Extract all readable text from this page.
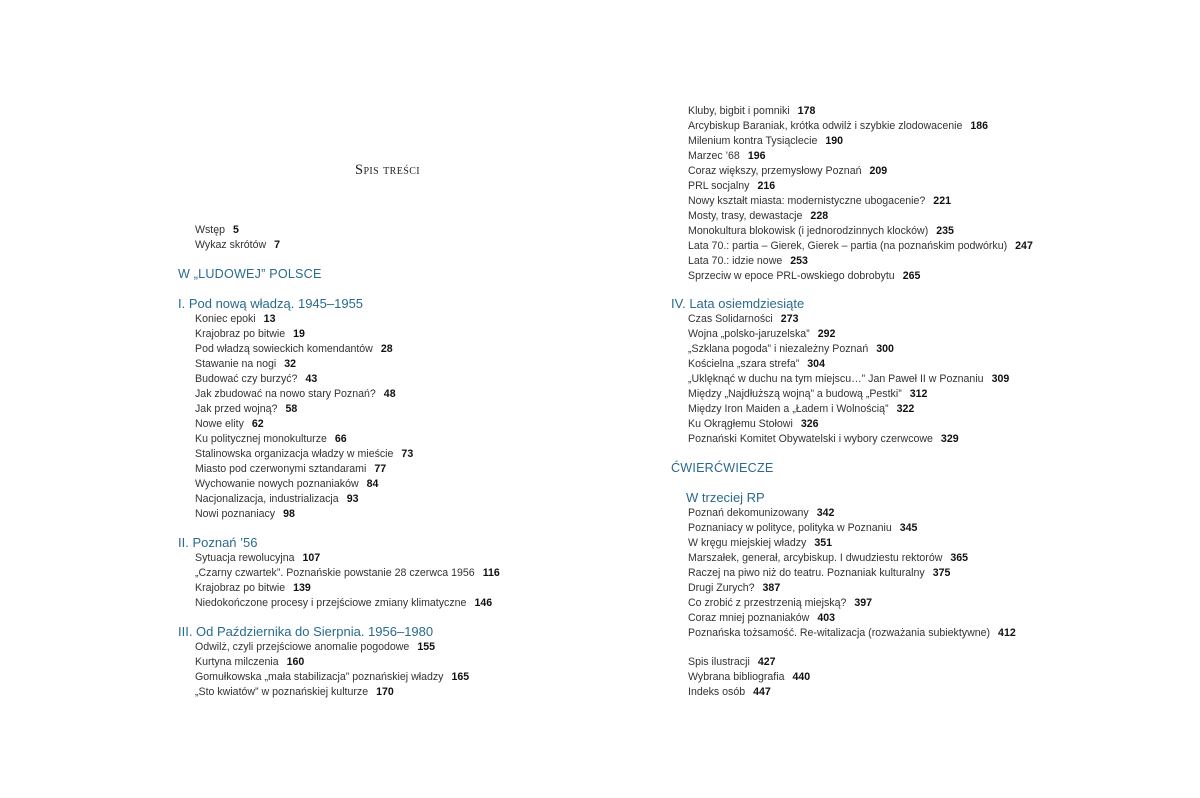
Spis treści
Wstęp 5
Wykaz skrótów 7
W „LUDOWEJ” POLSCE
I. Pod nową władzą. 1945–1955
Koniec epoki 13
Krajobraz po bitwie 19
Pod władzą sowieckich komendantów 28
Stawanie na nogi 32
Budować czy burzyć? 43
Jak zbudować na nowo stary Poznań? 48
Jak przed wojną? 58
Nowe elity 62
Ku politycznej monokulturze 66
Stalinowska organizacja władzy w mieście 73
Miasto pod czerwonymi sztandarami 77
Wychowanie nowych poznaniaków 84
Nacjonalizacja, industrializacja 93
Nowi poznaniacy 98
II. Poznań ’56
Sytuacja rewolucyjna 107
„Czarny czwartek”. Poznańskie powstanie 28 czerwca 1956 116
Krajobraz po bitwie 139
Niedokończone procesy i przejściowe zmiany klimatyczne 146
III. Od Października do Sierpnia. 1956–1980
Odwilż, czyli przejściowe anomalie pogodowe 155
Kurtyna milczenia 160
Gomułkowska „mała stabilizacja” poznańskiej władzy 165
„Sto kwiatów” w poznańskiej kulturze 170
Kluby, bigbit i pomniki 178
Arcybiskup Baraniak, krótka odwilż i szybkie zlodowacenie 186
Milenium kontra Tysiąclecie 190
Marzec ’68 196
Coraz większy, przemysłowy Poznań 209
PRL socjalny 216
Nowy kształt miasta: modernistyczne ubogacenie? 221
Mosty, trasy, dewastacje 228
Monokultura blokowisk (i jednorodzinnych klocków) 235
Lata 70.: partia – Gierek, Gierek – partia (na poznańskim podwórku) 247
Lata 70.: idzie nowe 253
Sprzeciw w epoce PRL-owskiego dobrobytu 265
IV. Lata osiemdziesiąte
Czas Solidarności 273
Wojna „polsko-jaruzelska” 292
„Szklana pogoda” i niezależny Poznań 300
Kościelna „szara strefa” 304
„Uklęknąć w duchu na tym miejscu…” Jan Paweł II w Poznaniu 309
Między „Najdłuższą wojną” a budową „Pestki” 312
Między Iron Maiden a „Ładem i Wolnością” 322
Ku Okrągłemu Stołowi 326
Poznański Komitet Obywatelski i wybory czerwcowe 329
ĆWIERĆWIECZE
W trzeciej RP
Poznań dekomunizowany 342
Poznaniacy w polityce, polityka w Poznaniu 345
W kręgu miejskiej władzy 351
Marszałek, generał, arcybiskup. I dwudziestu rektorów 365
Raczej na piwo niż do teatru. Poznaniak kulturalny 375
Drugi Zurych? 387
Co zrobić z przestrzenią miejską? 397
Coraz mniej poznaniaków 403
Poznańska tożsamość. Re-witalizacja (rozważania subiektywne) 412
Spis ilustracji 427
Wybrana bibliografia 440
Indeks osób 447
